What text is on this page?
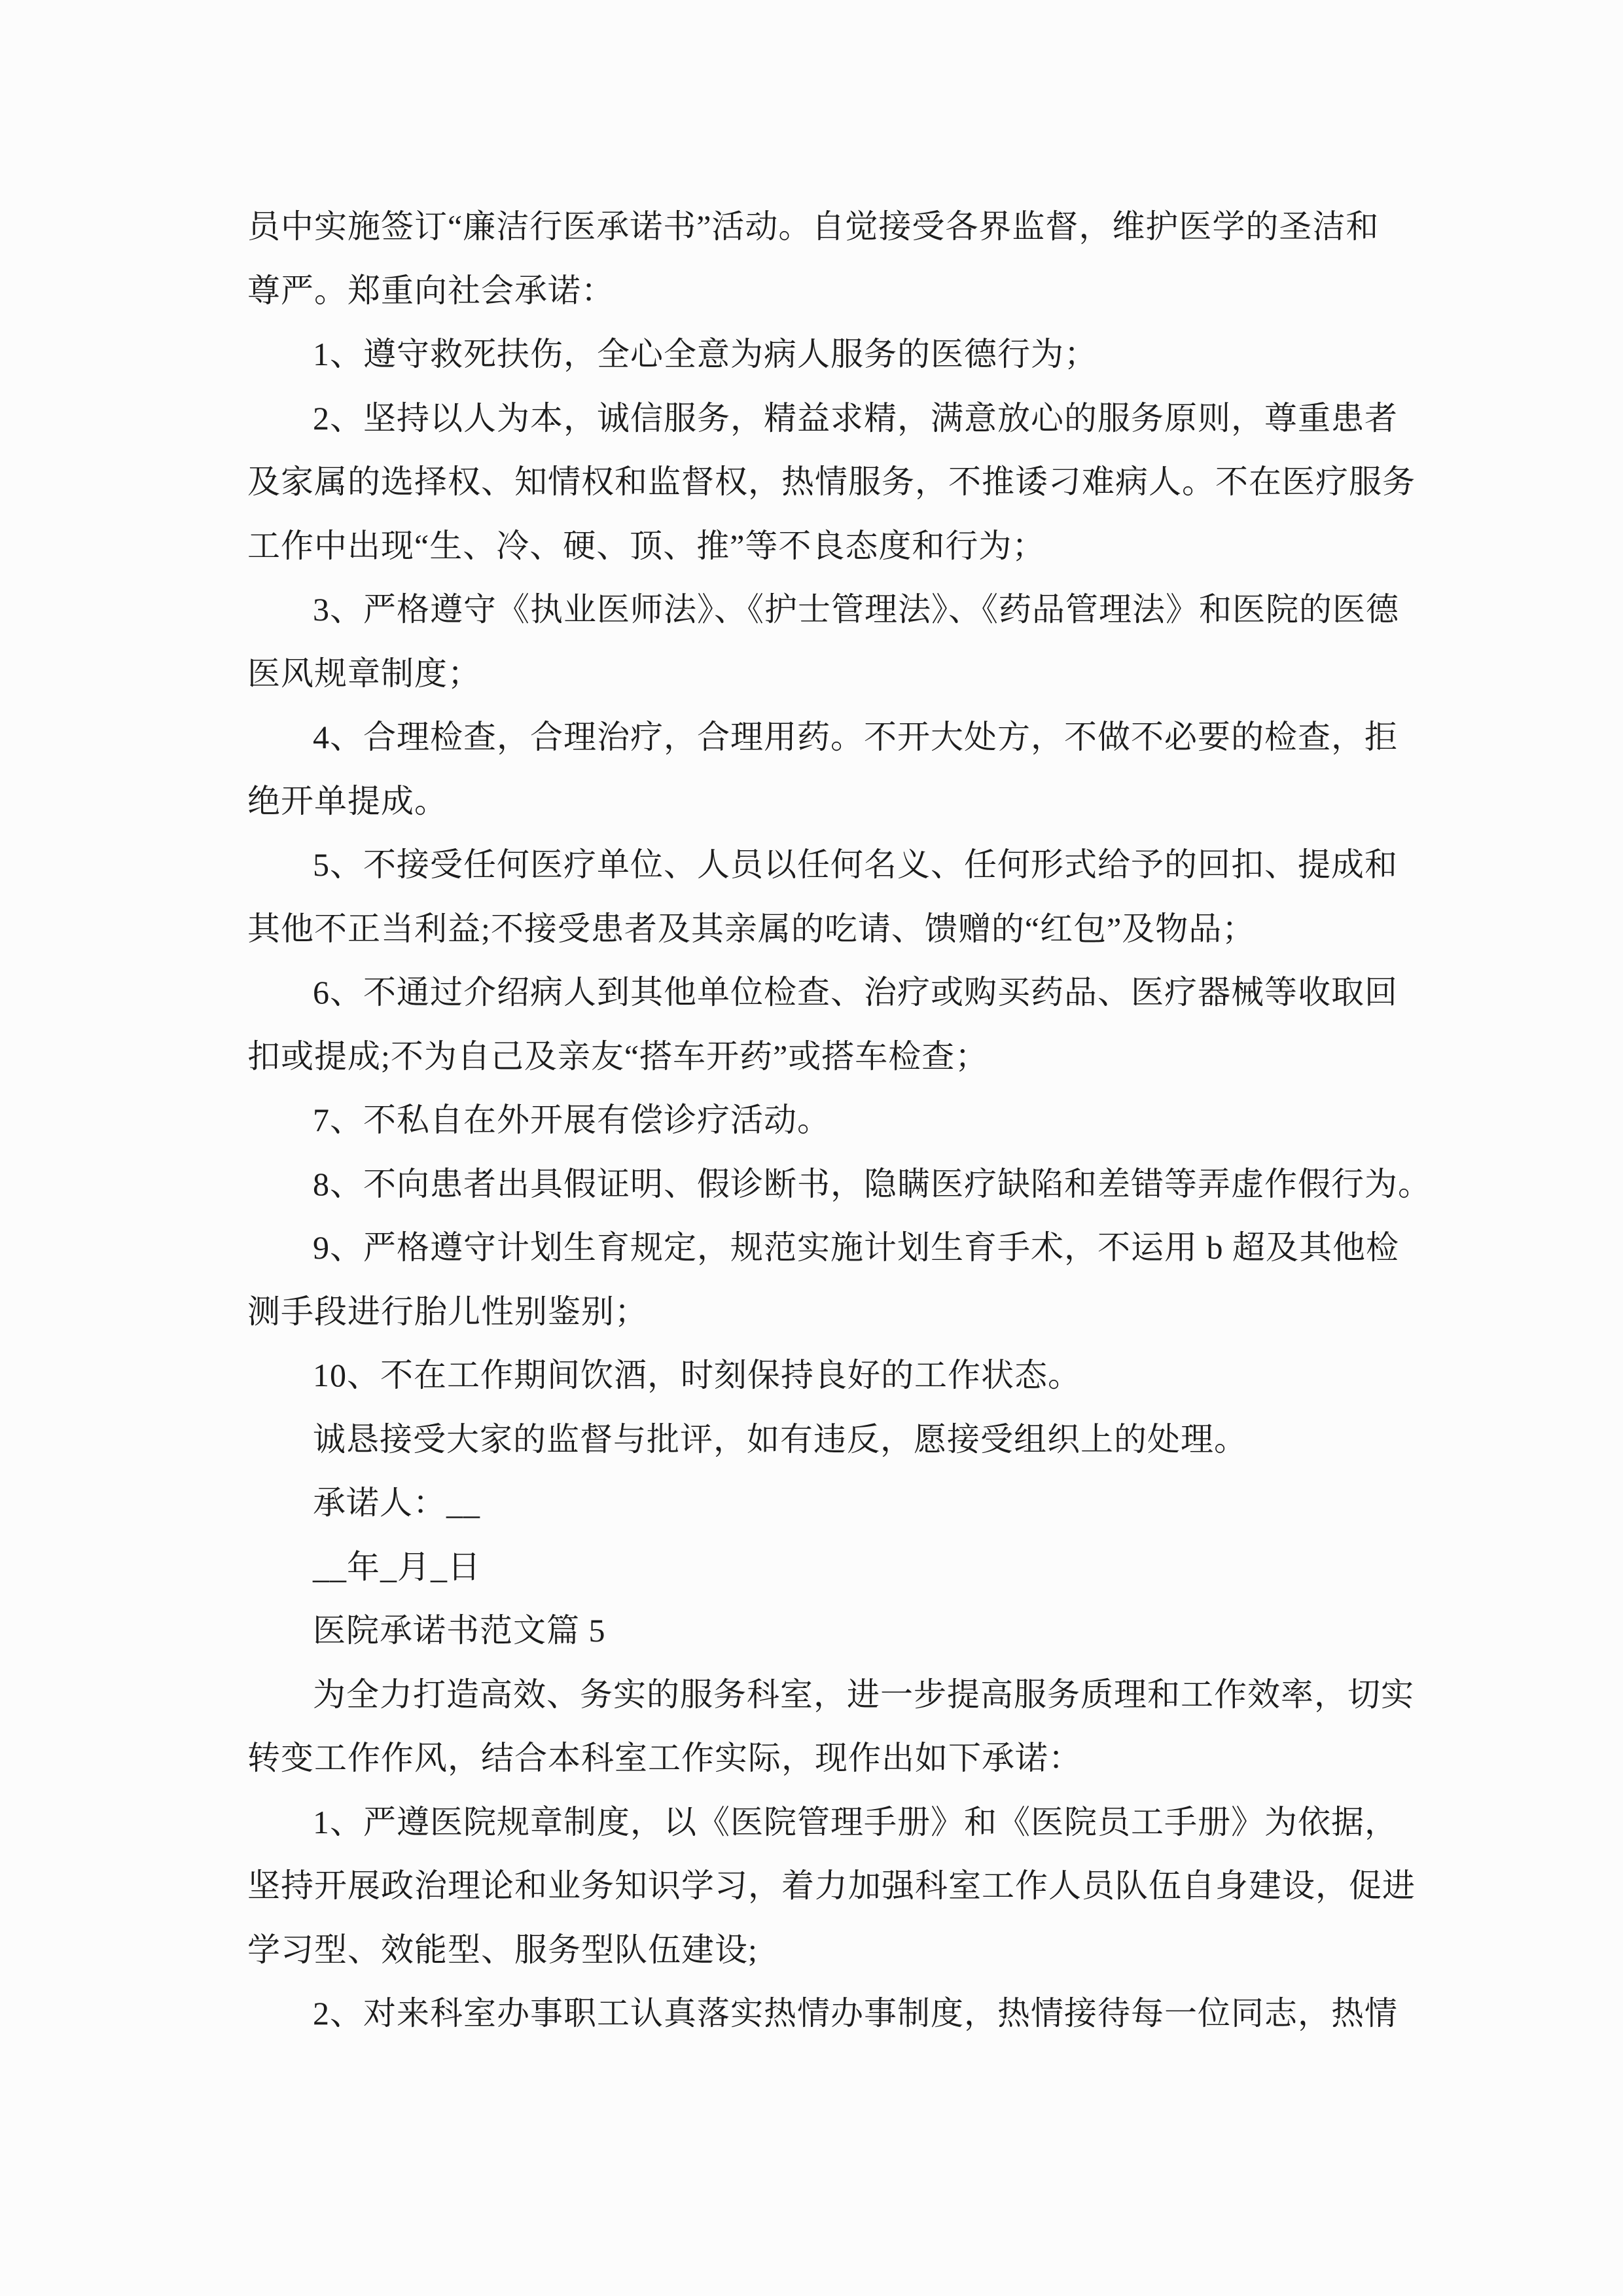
员中实施签订“廉洁行医承诺书”活动。自觉接受各界监督，维护医学的圣洁和
尊严。郑重向社会承诺：
1、遵守救死扶伤，全心全意为病人服务的医德行为；
2、坚持以人为本，诚信服务，精益求精，满意放心的服务原则，尊重患者
及家属的选择权、知情权和监督权，热情服务，不推诿刁难病人。不在医疗服务
工作中出现“生、冷、硬、顶、推”等不良态度和行为；
3、严格遵守《执业医师法》、《护士管理法》、《药品管理法》和医院的医德
医风规章制度；
4、合理检查，合理治疗，合理用药。不开大处方，不做不必要的检查，拒
绝开单提成。
5、不接受任何医疗单位、人员以任何名义、任何形式给予的回扣、提成和
其他不正当利益;不接受患者及其亲属的吃请、馈赠的“红包”及物品；
6、不通过介绍病人到其他单位检查、治疗或购买药品、医疗器械等收取回
扣或提成;不为自己及亲友“搭车开药”或搭车检查；
7、不私自在外开展有偿诊疗活动。
8、不向患者出具假证明、假诊断书，隐瞒医疗缺陷和差错等弄虚作假行为。
9、严格遵守计划生育规定，规范实施计划生育手术，不运用 b 超及其他检
测手段进行胎儿性别鉴别；
10、不在工作期间饮酒，时刻保持良好的工作状态。
诚恳接受大家的监督与批评，如有违反，愿接受组织上的处理。
承诺人：__
__年_月_日
医院承诺书范文篇 5
为全力打造高效、务实的服务科室，进一步提高服务质理和工作效率，切实
转变工作作风，结合本科室工作实际，现作出如下承诺：
1、严遵医院规章制度，以《医院管理手册》和《医院员工手册》为依据，
坚持开展政治理论和业务知识学习，着力加强科室工作人员队伍自身建设，促进
学习型、效能型、服务型队伍建设;
2、对来科室办事职工认真落实热情办事制度，热情接待每一位同志，热情
